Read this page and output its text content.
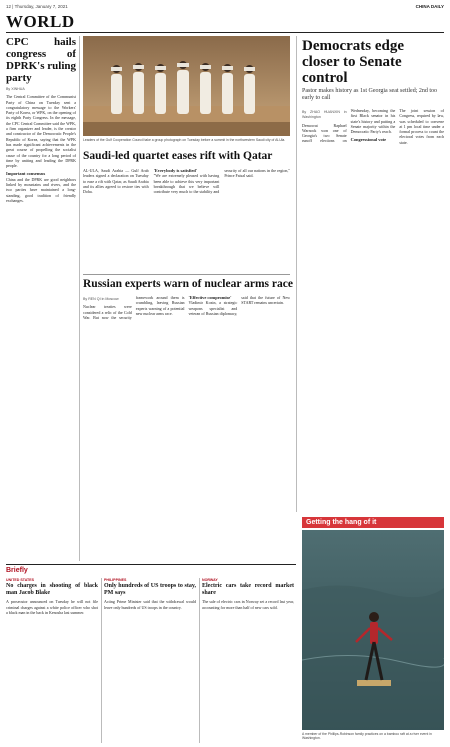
12 | Thursday, January 7, 2021	CHINA DAILY
WORLD
CPC hails congress of DPRK's ruling party
By XINHUA

The Central Committee of the Communist Party of China on Tuesday sent a congratulatory message to the Workers' Party of Korea, or WPK, on the opening of its eighth Party Congress. In the message, the CPC Central Committee said the WPK, a firm organizer and leader, is the creator and constructor of the Democratic People's Republic of Korea, saying that the WPK has made significant achievements in the great course of propelling the socialist cause of the country for a long period of time by uniting and leading the DPRK people.

Important consensus

China and the DPRK are good neighbors linked by mountains and rivers, and the two parties have maintained a long-standing, good tradition of friendly exchanges.

Leaders of the Gulf Cooperation Council take a group photograph on Tuesday before a summit in the northwestern Saudi city of Al-Ula.
Saudi-led quartet eases rift with Qatar

AL-ULA, Saudi Arabia — Gulf Arab leaders signed a declaration on Tuesday to ease a rift with Qatar, as Saudi Arabia and its allies agreed to restore ties with Doha.

'Everybody is satisfied'

"We are extremely pleased with having been able to achieve this very important breakthrough that we believe will contribute very much to the stability and security of all our nations in the region," Prince Faisal said.

Democrats edge closer to Senate control
Pastor makes history as 1st Georgia seat settled; 2nd too early to call
By ZHAO HUANXIN in Washington

Democrat Raphael Warnock won one of Georgia's two Senate runoff elections on Wednesday, becoming the first Black senator in his state's history and putting a Senate majority within the Democratic Party's reach.

Congressional vote

The joint session of Congress, required by law, was scheduled to convene at 1 pm local time under a formal process to count the electoral votes from each state.

Russian experts warn of nuclear arms race
By REN QI in Moscow

Nuclear treaties were considered a relic of the Cold War. But now the security framework around them is crumbling, leaving Russian experts warning of a potential new nuclear arms race.

'Effective compromise'

Vladimir Kozin, a strategic weapons specialist and veteran of Russian diplomacy, said that the future of New START remains uncertain.

Getting the hang of it
A member of the Phillips-Robinson family practices on a bamboo raft at a river event in Washington.
Briefly
UNITED STATES
No charges in shooting of black man Jacob Blake

A prosecutor announced on Tuesday he will not file criminal charges against a white police officer who shot a black man in the back in Kenosha last summer.

PHILIPPINES
Only hundreds of US troops to stay, PM says

Acting Prime Minister said that the withdrawal would leave only hundreds of US troops in the country.

NORWAY
Electric cars take record market share

The sale of electric cars in Norway set a record last year, accounting for more than half of new cars sold.
